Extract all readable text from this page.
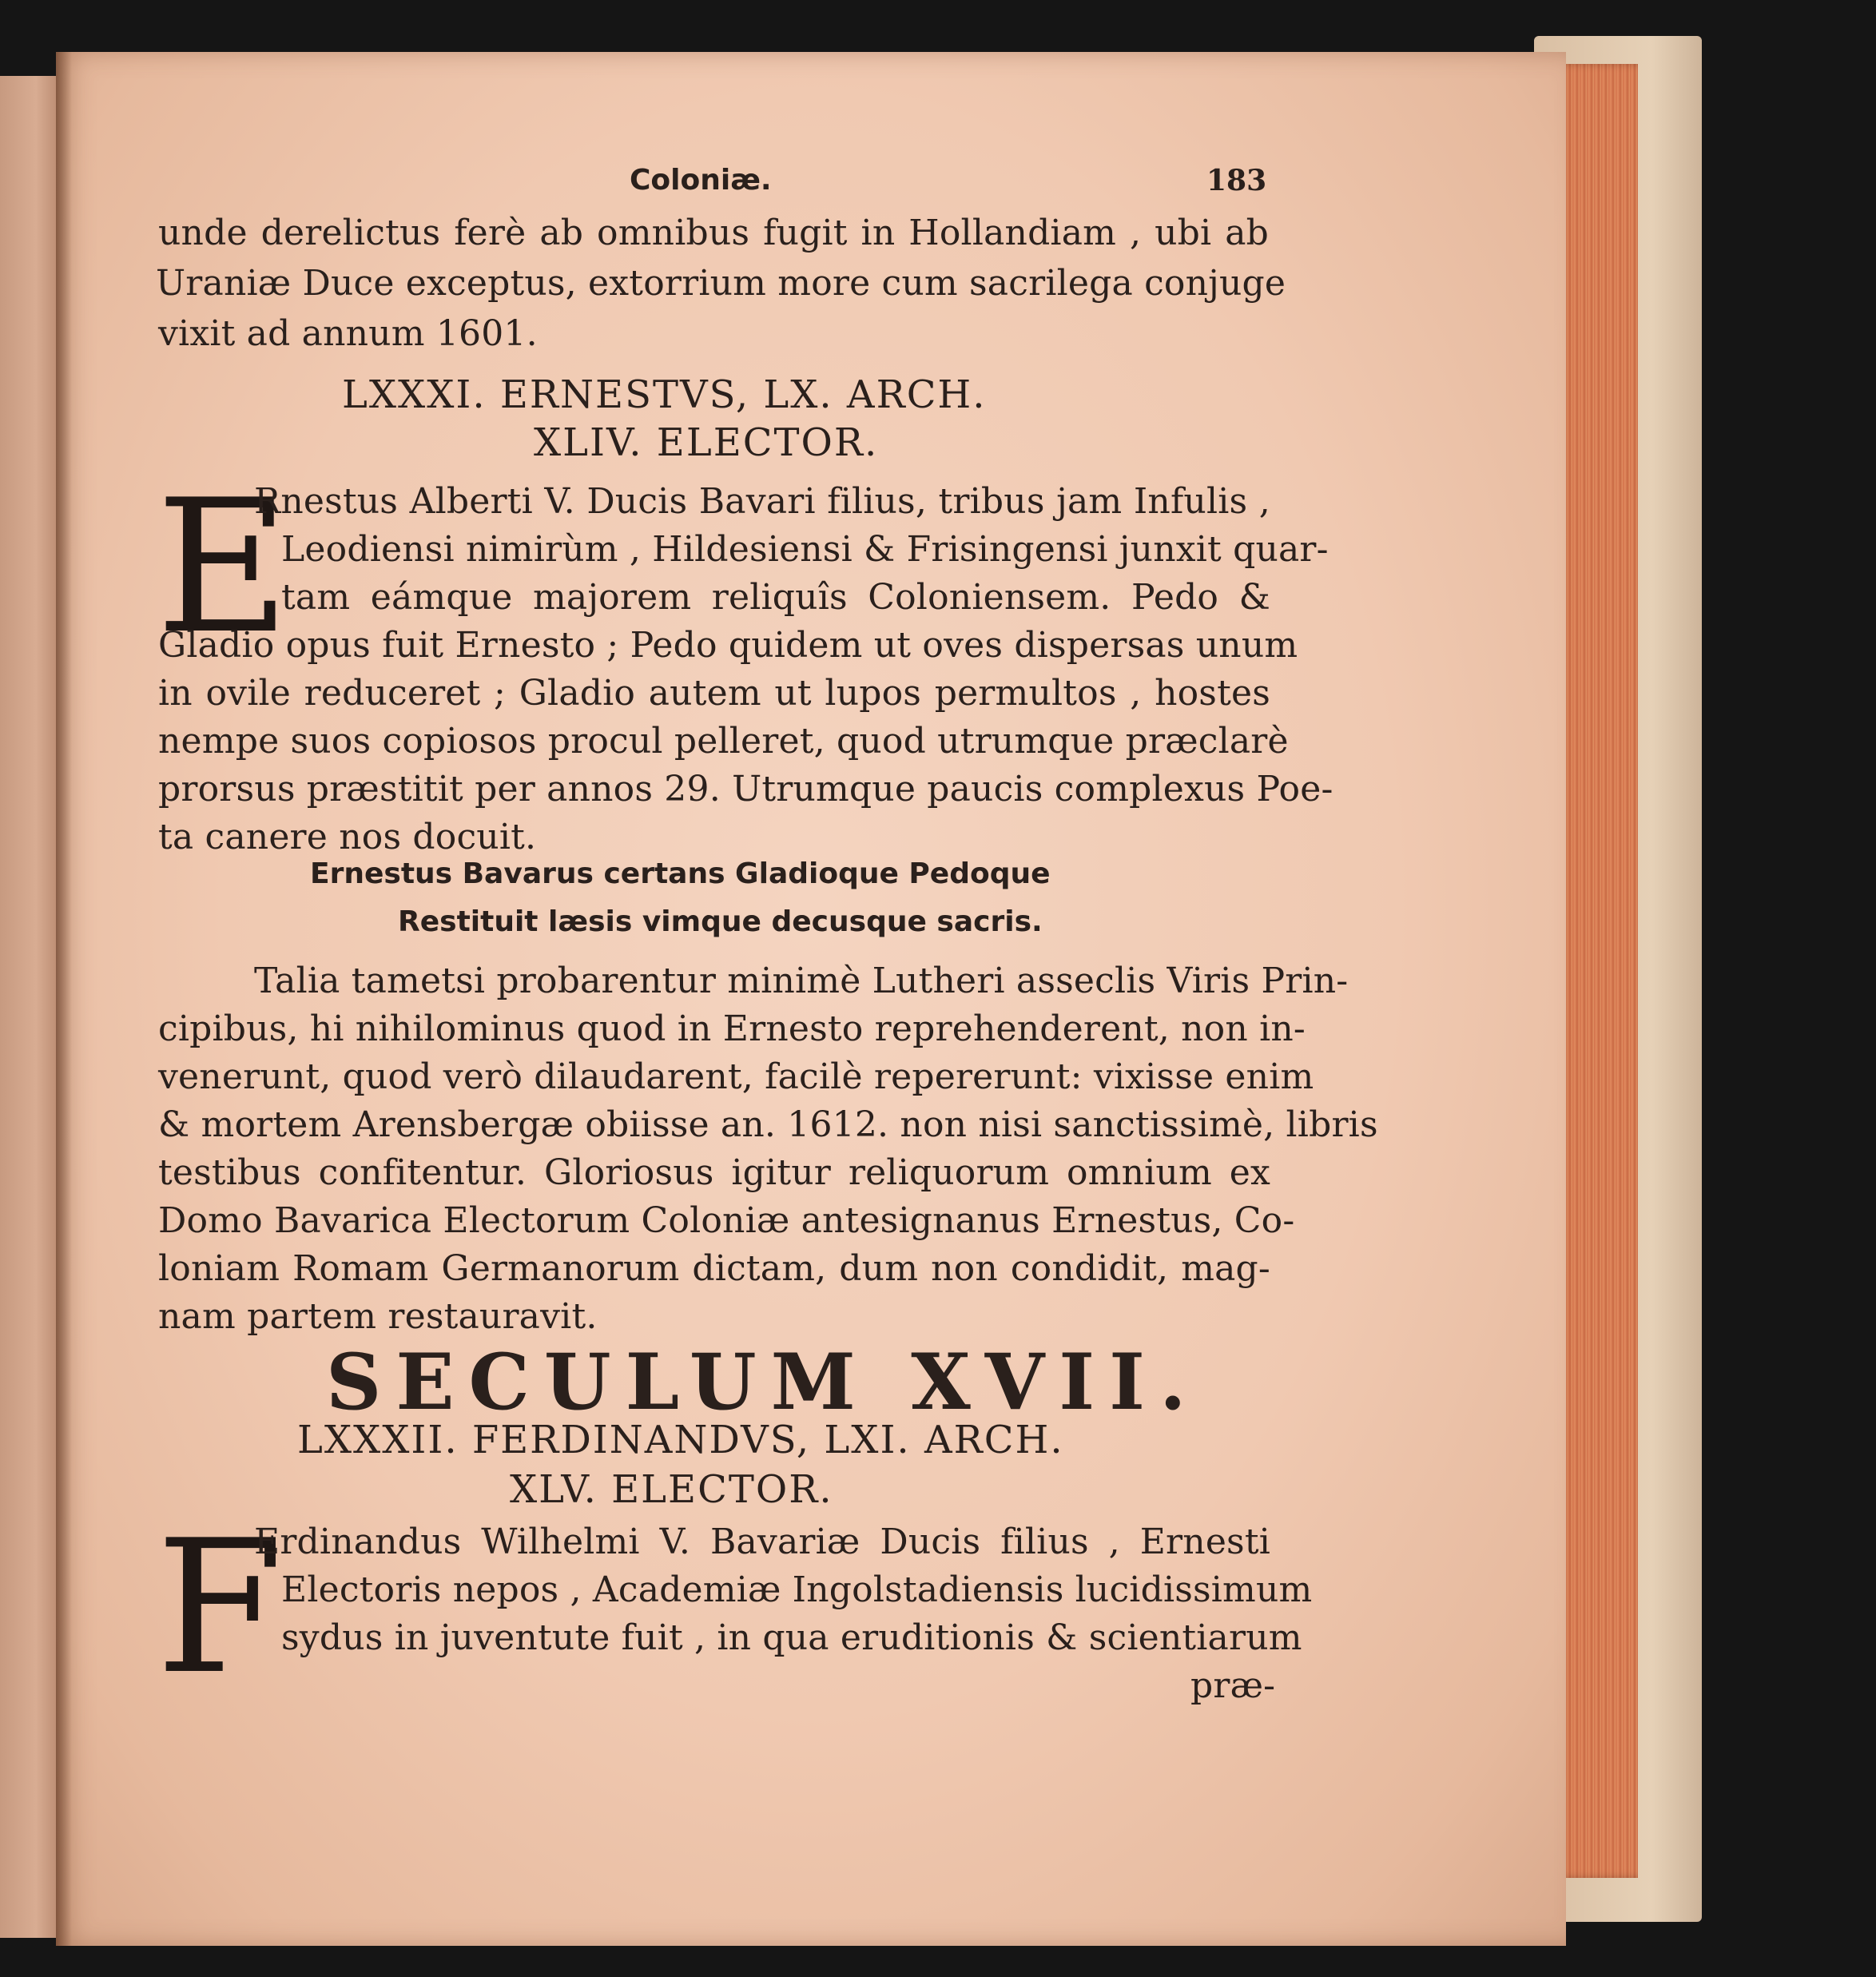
Coloniæ.	183
unde derelictus ferè ab omnibus fugit in Hollandiam , ubi ab
Uraniæ Duce exceptus, extorrium more cum sacrilega conjuge
vixit ad annum 1601.
LXXXI. ERNESTVS, LX. ARCH.
XLIV. ELECTOR.
E
Rnestus Alberti V. Ducis Bavari filius, tribus jam Infulis ,
Leodiensi nimirùm , Hildesiensi & Frisingensi junxit quar-
tam eámque majorem reliquîs Coloniensem. Pedo &
Gladio opus fuit Ernesto ; Pedo quidem ut oves dispersas unum
in ovile reduceret ; Gladio autem ut lupos permultos , hostes
nempe suos copiosos procul pelleret, quod utrumque præclarè
prorsus præstitit per annos 29. Utrumque paucis complexus Poe-
ta canere nos docuit.
Ernestus Bavarus certans Gladioque Pedoque
Restituit læsis vimque decusque sacris.
Talia tametsi probarentur minimè Lutheri asseclis Viris Prin-
cipibus, hi nihilominus quod in Ernesto reprehenderent, non in-
venerunt, quod verò dilaudarent, facilè repererunt: vixisse enim
& mortem Arensbergæ obiisse an. 1612. non nisi sanctissimè, libris
testibus confitentur. Gloriosus igitur reliquorum omnium ex
Domo Bavarica Electorum Coloniæ antesignanus Ernestus, Co-
loniam Romam Germanorum dictam, dum non condidit, mag-
nam partem restauravit.
SECULUM XVII.
LXXXII. FERDINANDVS, LXI. ARCH.
XLV. ELECTOR.
F
Erdinandus Wilhelmi V. Bavariæ Ducis filius , Ernesti
Electoris nepos , Academiæ Ingolstadiensis lucidissimum
sydus in juventute fuit , in qua eruditionis & scientiarum
præ-
